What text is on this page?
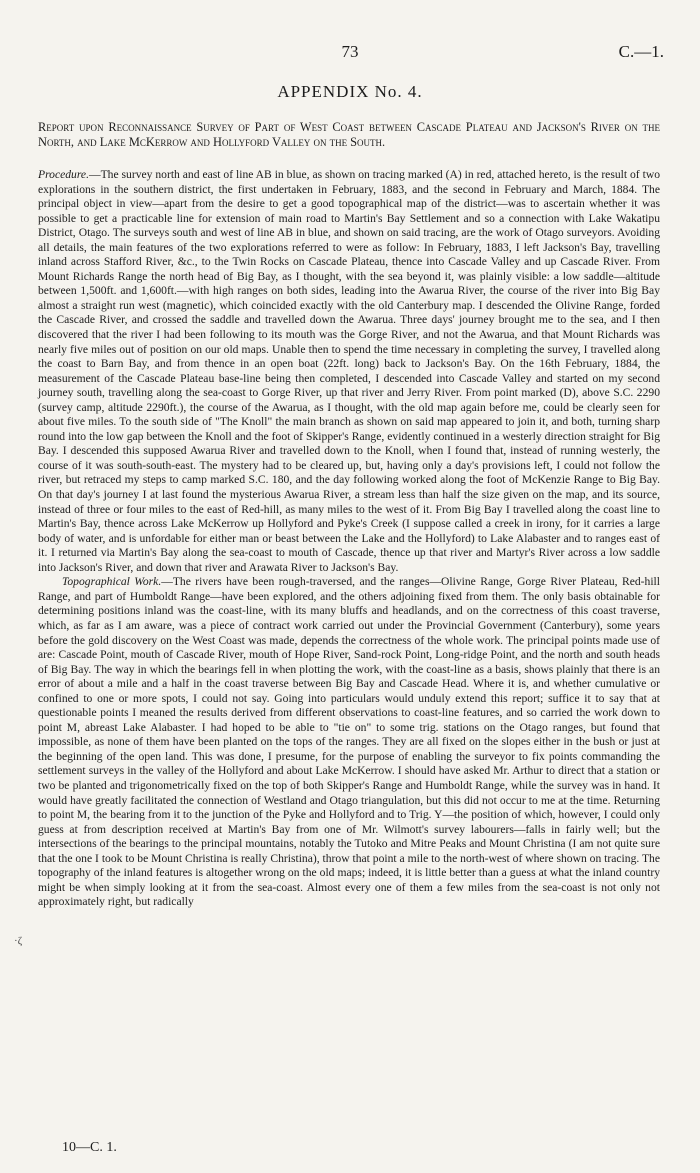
73	C.—1.
APPENDIX No. 4.
Report upon Reconnaissance Survey of Part of West Coast between Cascade Plateau and Jackson's River on the North, and Lake McKerrow and Hollyford Valley on the South.

Procedure.—The survey north and east of line AB in blue, as shown on tracing marked (A) in red, attached hereto, is the result of two explorations in the southern district, the first undertaken in February, 1883, and the second in February and March, 1884. The principal object in view—apart from the desire to get a good topographical map of the district—was to ascertain whether it was possible to get a practicable line for extension of main road to Martin's Bay Settlement and so a connection with Lake Wakatipu District, Otago. The surveys south and west of line AB in blue, and shown on said tracing, are the work of Otago surveyors. Avoiding all details, the main features of the two explorations referred to were as follow: In February, 1883, I left Jackson's Bay, travelling inland across Stafford River, &c., to the Twin Rocks on Cascade Plateau, thence into Cascade Valley and up Cascade River. From Mount Richards Range the north head of Big Bay, as I thought, with the sea beyond it, was plainly visible: a low saddle—altitude between 1,500ft. and 1,600ft.—with high ranges on both sides, leading into the Awarua River, the course of the river into Big Bay almost a straight run west (magnetic), which coincided exactly with the old Canterbury map. I descended the Olivine Range, forded the Cascade River, and crossed the saddle and travelled down the Awarua. Three days' journey brought me to the sea, and I then discovered that the river I had been following to its mouth was the Gorge River, and not the Awarua, and that Mount Richards was nearly five miles out of position on our old maps. Unable then to spend the time necessary in completing the survey, I travelled along the coast to Barn Bay, and from thence in an open boat (22ft. long) back to Jackson's Bay. On the 16th February, 1884, the measurement of the Cascade Plateau base-line being then completed, I descended into Cascade Valley and started on my second journey south, travelling along the sea-coast to Gorge River, up that river and Jerry River. From point marked (D), above S.C. 2290 (survey camp, altitude 2290ft.), the course of the Awarua, as I thought, with the old map again before me, could be clearly seen for about five miles. To the south side of "The Knoll" the main branch as shown on said map appeared to join it, and both, turning sharp round into the low gap between the Knoll and the foot of Skipper's Range, evidently continued in a westerly direction straight for Big Bay. I descended this supposed Awarua River and travelled down to the Knoll, when I found that, instead of running westerly, the course of it was south-south-east. The mystery had to be cleared up, but, having only a day's provisions left, I could not follow the river, but retraced my steps to camp marked S.C. 180, and the day following worked along the foot of McKenzie Range to Big Bay. On that day's journey I at last found the mysterious Awarua River, a stream less than half the size given on the map, and its source, instead of three or four miles to the east of Red-hill, as many miles to the west of it. From Big Bay I travelled along the coast line to Martin's Bay, thence across Lake McKerrow up Hollyford and Pyke's Creek (I suppose called a creek in irony, for it carries a large body of water, and is unfordable for either man or beast between the Lake and the Hollyford) to Lake Alabaster and to ranges east of it. I returned via Martin's Bay along the sea-coast to mouth of Cascade, thence up that river and Martyr's River across a low saddle into Jackson's River, and down that river and Arawata River to Jackson's Bay.

Topographical Work.—The rivers have been rough-traversed, and the ranges—Olivine Range, Gorge River Plateau, Red-hill Range, and part of Humboldt Range—have been explored, and the others adjoining fixed from them. The only basis obtainable for determining positions inland was the coast-line, with its many bluffs and headlands, and on the correctness of this coast traverse, which, as far as I am aware, was a piece of contract work carried out under the Provincial Government (Canterbury), some years before the gold discovery on the West Coast was made, depends the correctness of the whole work. The principal points made use of are: Cascade Point, mouth of Cascade River, mouth of Hope River, Sand-rock Point, Long-ridge Point, and the north and south heads of Big Bay. The way in which the bearings fell in when plotting the work, with the coast-line as a basis, shows plainly that there is an error of about a mile and a half in the coast traverse between Big Bay and Cascade Head. Where it is, and whether cumulative or confined to one or more spots, I could not say. Going into particulars would unduly extend this report; suffice it to say that at questionable points I meaned the results derived from different observations to coast-line features, and so carried the work down to point M, abreast Lake Alabaster. I had hoped to be able to "tie on" to some trig. stations on the Otago ranges, but found that impossible, as none of them have been planted on the tops of the ranges. They are all fixed on the slopes either in the bush or just at the beginning of the open land. This was done, I presume, for the purpose of enabling the surveyor to fix points commanding the settlement surveys in the valley of the Hollyford and about Lake McKerrow. I should have asked Mr. Arthur to direct that a station or two be planted and trigonometrically fixed on the top of both Skipper's Range and Humboldt Range, while the survey was in hand. It would have greatly facilitated the connection of Westland and Otago triangulation, but this did not occur to me at the time. Returning to point M, the bearing from it to the junction of the Pyke and Hollyford and to Trig. Y—the position of which, however, I could only guess at from description received at Martin's Bay from one of Mr. Wilmott's survey labourers—falls in fairly well; but the intersections of the bearings to the principal mountains, notably the Tutoko and Mitre Peaks and Mount Christina (I am not quite sure that the one I took to be Mount Christina is really Christina), throw that point a mile to the north-west of where shown on tracing. The topography of the inland features is altogether wrong on the old maps; indeed, it is little better than a guess at what the inland country might be when simply looking at it from the sea-coast. Almost every one of them a few miles from the sea-coast is not only not approximately right, but radically

·ζ
10—C. 1.
